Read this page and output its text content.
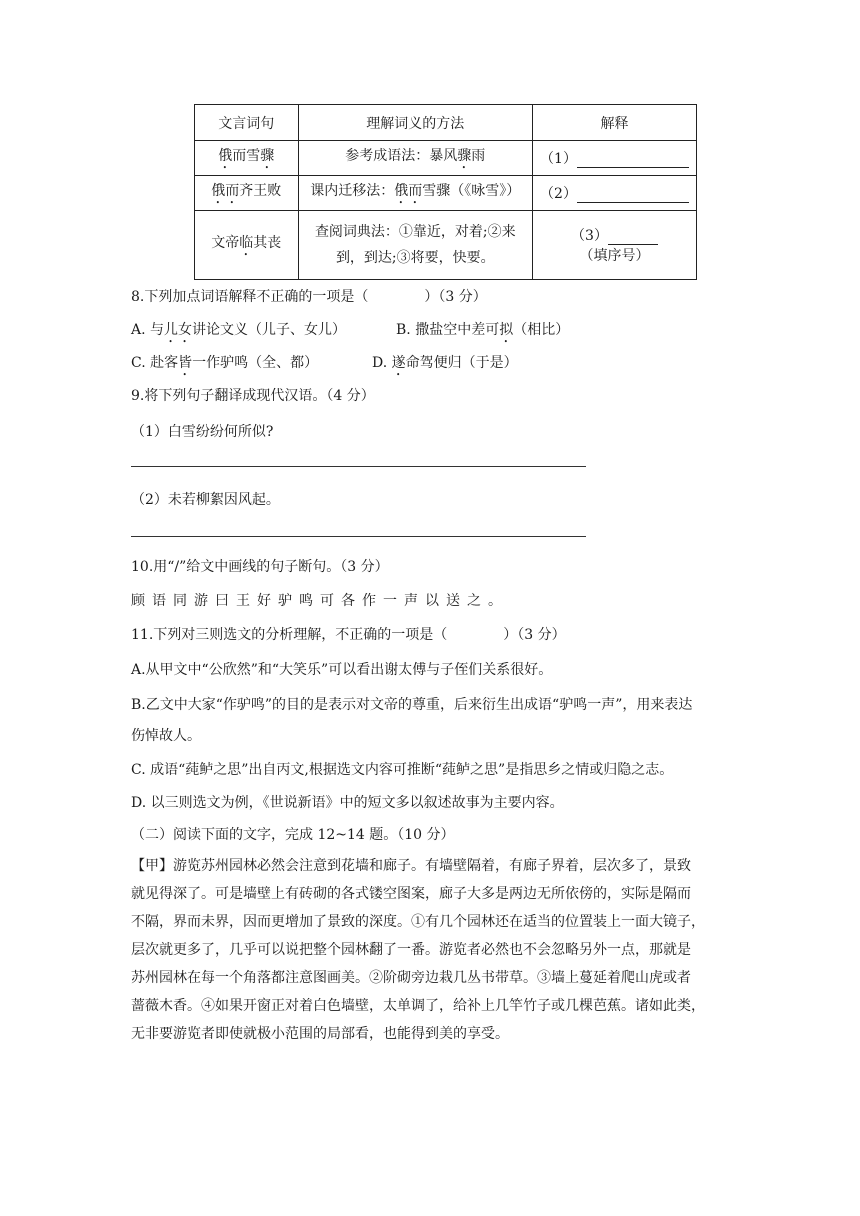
文言词句	理解词义的方法	解释
俄而雪骤	参考成语法：暴风骤雨	（1）
俄而齐王败	课内迁移法：俄而雪骤（《咏雪》）	（2）
文帝临其丧	查阅词典法：①靠近，对着;②来
到，到达;③将要，快要。	（3）（填序号）
8.下列加点词语解释不正确的一项是（　　　　）（3 分）
A. 与儿女讲论文义（儿子、女儿）	B. 撒盐空中差可拟（相比）
C. 赴客皆一作驴鸣（全、都）	D. 遂命驾便归（于是）
9.将下列句子翻译成现代汉语。（4 分）
（1）白雪纷纷何所似?
（2）未若柳絮因风起。
10.用“/”给文中画线的句子断句。（3 分）
顾语同游曰王好驴鸣可各作一声以送之。
11.下列对三则选文的分析理解，不正确的一项是（　　　　）（3 分）
A.从甲文中“公欣然”和“大笑乐”可以看出谢太傅与子侄们关系很好。
B.乙文中大家“作驴鸣”的目的是表示对文帝的尊重，后来衍生出成语“驴鸣一声”，用来表达
伤悼故人。
C. 成语“莼鲈之思”出自丙文,根据选文内容可推断“莼鲈之思”是指思乡之情或归隐之志。
D. 以三则选文为例，《世说新语》中的短文多以叙述故事为主要内容。
（二）阅读下面的文字，完成 12~14 题。（10 分）
【甲】游览苏州园林必然会注意到花墙和廊子。有墙壁隔着，有廊子界着，层次多了，景致
就见得深了。可是墙壁上有砖砌的各式镂空图案，廊子大多是两边无所依傍的，实际是隔而
不隔，界而未界，因而更增加了景致的深度。①有几个园林还在适当的位置装上一面大镜子，
层次就更多了，几乎可以说把整个园林翻了一番。游览者必然也不会忽略另外一点，那就是
苏州园林在每一个角落都注意图画美。②阶砌旁边栽几丛书带草。③墙上蔓延着爬山虎或者
蔷薇木香。④如果开窗正对着白色墙壁，太单调了，给补上几竿竹子或几棵芭蕉。诸如此类，
无非要游览者即使就极小范围的局部看，也能得到美的享受。
